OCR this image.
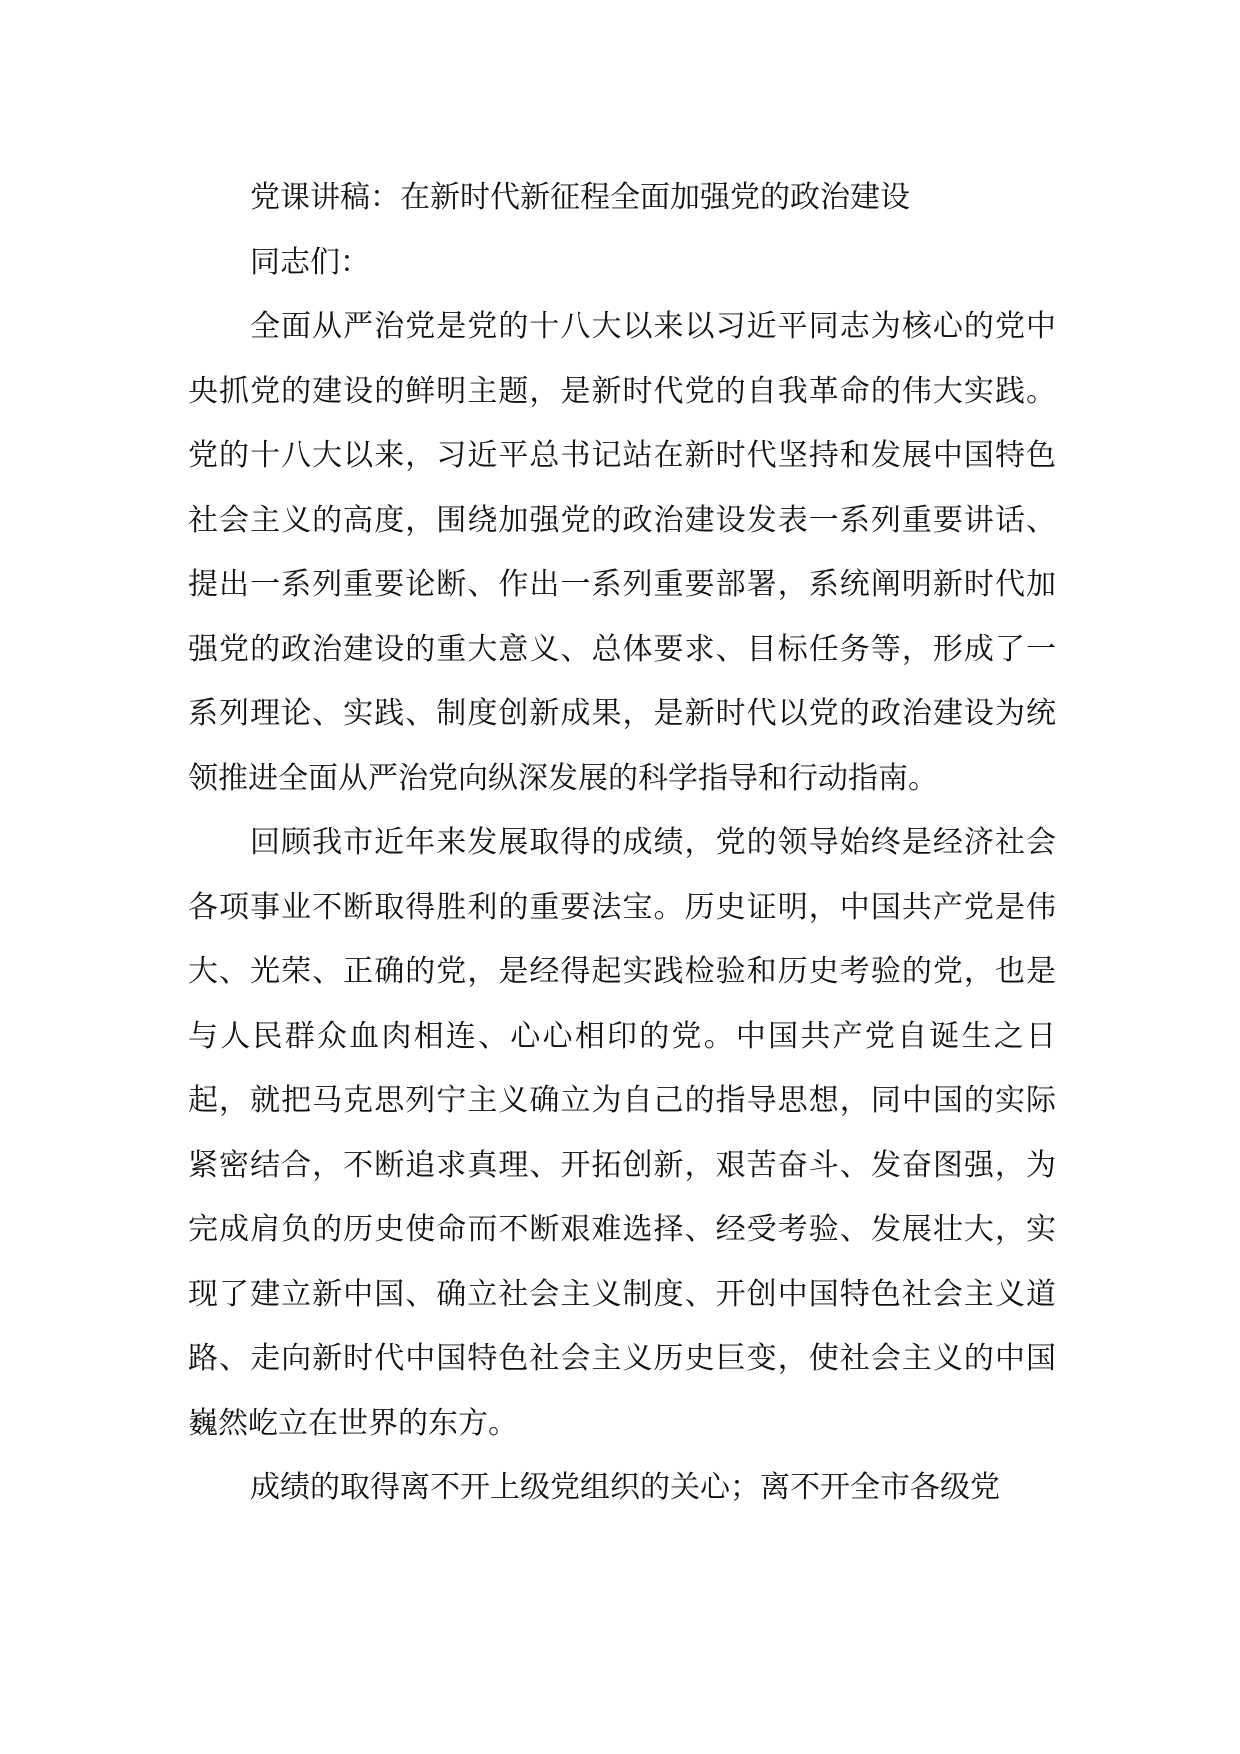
党课讲稿：在新时代新征程全面加强党的政治建设

同志们：

全面从严治党是党的十八大以来以习近平同志为核心的党中央抓党的建设的鲜明主题，是新时代党的自我革命的伟大实践。党的十八大以来，习近平总书记站在新时代坚持和发展中国特色社会主义的高度，围绕加强党的政治建设发表一系列重要讲话、提出一系列重要论断、作出一系列重要部署，系统阐明新时代加强党的政治建设的重大意义、总体要求、目标任务等，形成了一系列理论、实践、制度创新成果，是新时代以党的政治建设为统领推进全面从严治党向纵深发展的科学指导和行动指南。

回顾我市近年来发展取得的成绩，党的领导始终是经济社会各项事业不断取得胜利的重要法宝。历史证明，中国共产党是伟大、光荣、正确的党，是经得起实践检验和历史考验的党，也是与人民群众血肉相连、心心相印的党。中国共产党自诞生之日起，就把马克思列宁主义确立为自己的指导思想，同中国的实际紧密结合，不断追求真理、开拓创新，艰苦奋斗、发奋图强，为完成肩负的历史使命而不断艰难选择、经受考验、发展壮大，实现了建立新中国、确立社会主义制度、开创中国特色社会主义道路、走向新时代中国特色社会主义历史巨变，使社会主义的中国巍然屹立在世界的东方。

成绩的取得离不开上级党组织的关心；离不开全市各级党
